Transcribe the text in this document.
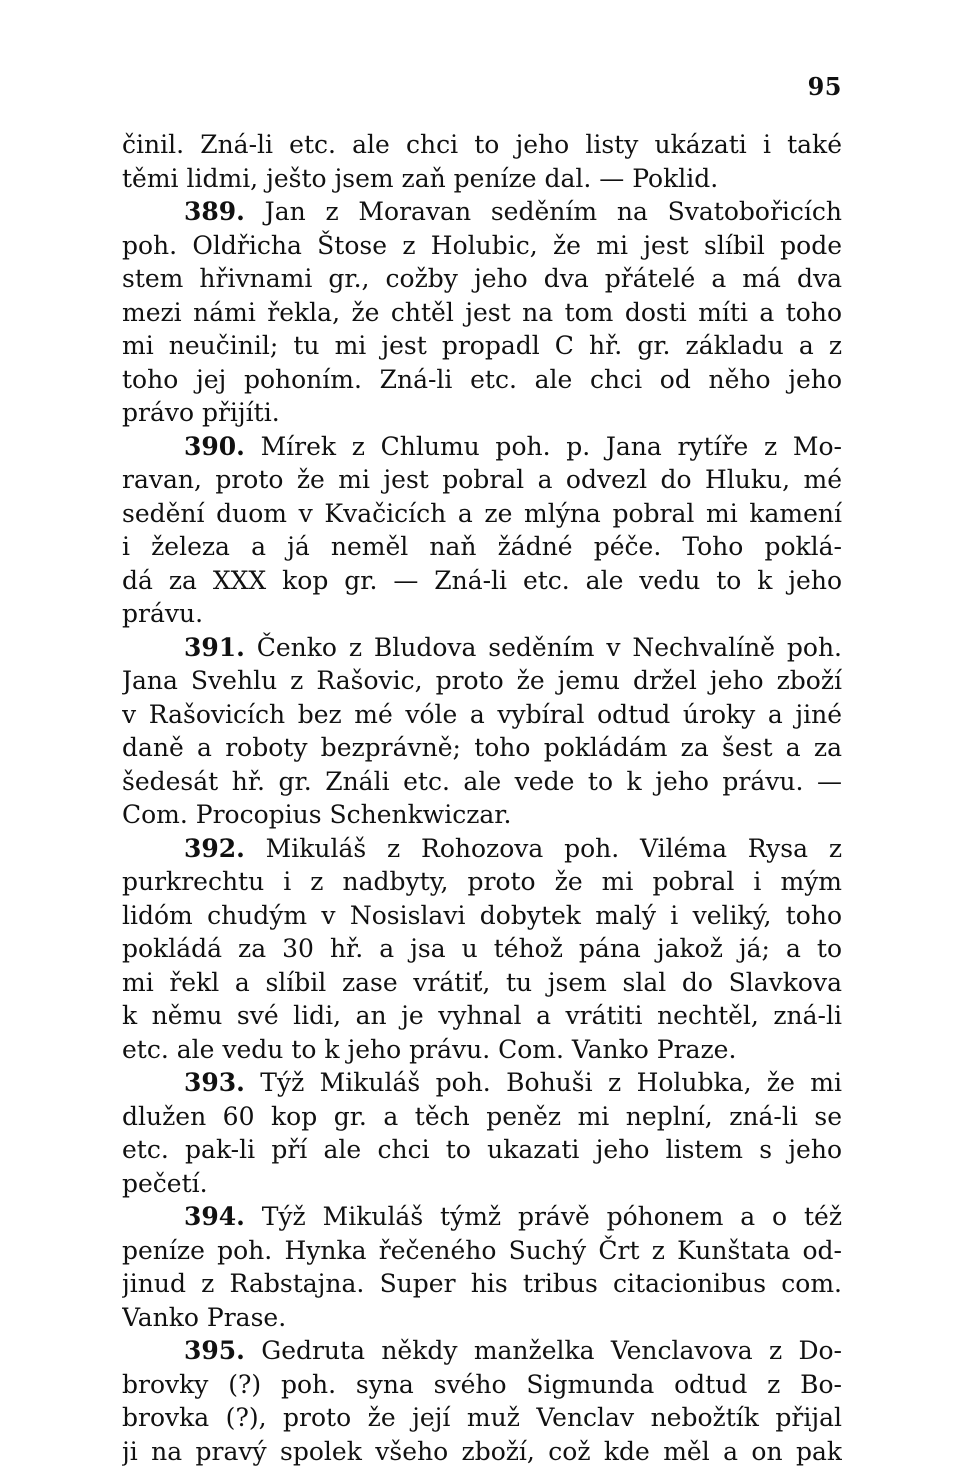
95
činil. Zná-li etc. ale chci to jeho listy ukázati i také
těmi lidmi, ješto jsem zaň peníze dal. — Poklid.
389. Jan z Moravan seděním na Svatobořicích
poh. Oldřicha Štose z Holubic, že mi jest slíbil pode
stem hřivnami gr., cožby jeho dva přátelé a má dva
mezi námi řekla, že chtěl jest na tom dosti míti a toho
mi neučinil; tu mi jest propadl C hř. gr. základu a z
toho jej pohoním. Zná-li etc. ale chci od něho jeho
právo přijíti.
390. Mírek z Chlumu poh. p. Jana rytíře z Mo-
ravan, proto že mi jest pobral a odvezl do Hluku, mé
sedění duom v Kvačicích a ze mlýna pobral mi kamení
i železa a já neměl naň žádné péče. Toho poklá-
dá za XXX kop gr. — Zná-li etc. ale vedu to k jeho
právu.
391. Čenko z Bludova seděním v Nechvalíně poh.
Jana Svehlu z Rašovic, proto že jemu držel jeho zboží
v Rašovicích bez mé vóle a vybíral odtud úroky a jiné
daně a roboty bezprávně; toho pokládám za šest a za
šedesát hř. gr. Ználi etc. ale vede to k jeho právu. —
Com. Procopius Schenkwiczar.
392. Mikuláš z Rohozova poh. Viléma Rysa z
purkrechtu i z nadbyty, proto že mi pobral i mým
lidóm chudým v Nosislavi dobytek malý i veliký, toho
pokládá za 30 hř. a jsa u téhož pána jakož já; a to
mi řekl a slíbil zase vrátiť, tu jsem slal do Slavkova
k němu své lidi, an je vyhnal a vrátiti nechtěl, zná-li
etc. ale vedu to k jeho právu. Com. Vanko Praze.
393. Týž Mikuláš poh. Bohuši z Holubka, že mi
dlužen 60 kop gr. a těch peněz mi neplní, zná-li se
etc. pak-li pří ale chci to ukazati jeho listem s jeho
pečetí.
394. Týž Mikuláš týmž právě póhonem a o též
peníze poh. Hynka řečeného Suchý Črt z Kunštata od-
jinud z Rabstajna. Super his tribus citacionibus com.
Vanko Prase.
395. Gedruta někdy manželka Venclavova z Do-
brovky (?) poh. syna svého Sigmunda odtud z Bo-
brovka (?), proto že její muž Venclav nebožtík přijal
ji na pravý spolek všeho zboží, což kde měl a on pak
